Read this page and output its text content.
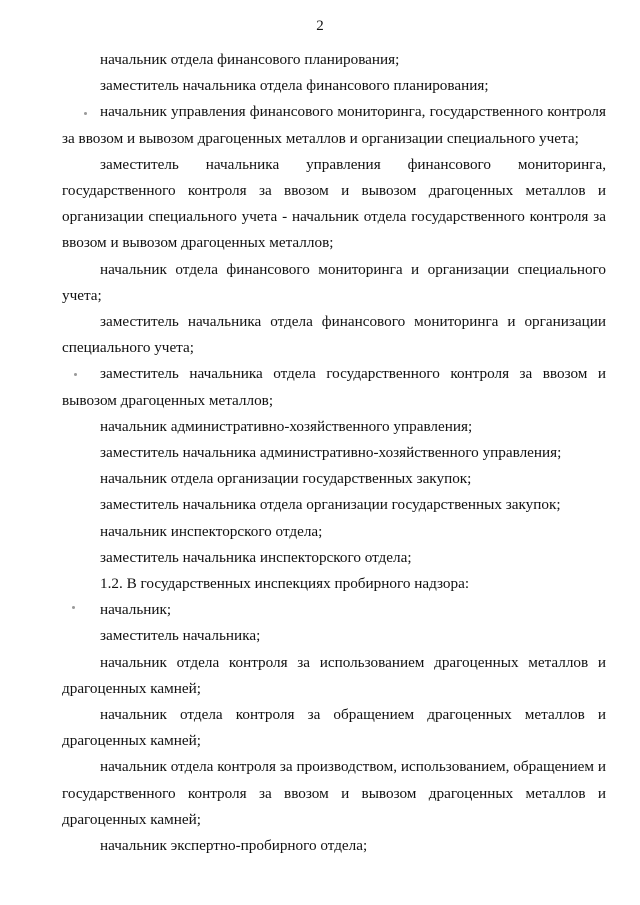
2

начальник отдела финансового планирования;

заместитель начальника отдела финансового планирования;

начальник управления финансового мониторинга, государственного контроля за ввозом и вывозом драгоценных металлов и организации специального учета;

заместитель начальника управления финансового мониторинга, государственного контроля за ввозом и вывозом драгоценных металлов и организации специального учета - начальник отдела государственного контроля за ввозом и вывозом драгоценных металлов;

начальник отдела финансового мониторинга и организации специального учета;

заместитель начальника отдела финансового мониторинга и организации специального учета;

заместитель начальника отдела государственного контроля за ввозом и вывозом драгоценных металлов;

начальник административно-хозяйственного управления;

заместитель начальника административно-хозяйственного управления;

начальник отдела организации государственных закупок;

заместитель начальника отдела организации государственных закупок;

начальник инспекторского отдела;

заместитель начальника инспекторского отдела;

1.2. В государственных инспекциях пробирного надзора:

начальник;

заместитель начальника;

начальник отдела контроля за использованием драгоценных металлов и драгоценных камней;

начальник отдела контроля за обращением драгоценных металлов и драгоценных камней;

начальник отдела контроля за производством, использованием, обращением и государственного контроля за ввозом и вывозом драгоценных металлов и драгоценных камней;

начальник экспертно-пробирного отдела;
